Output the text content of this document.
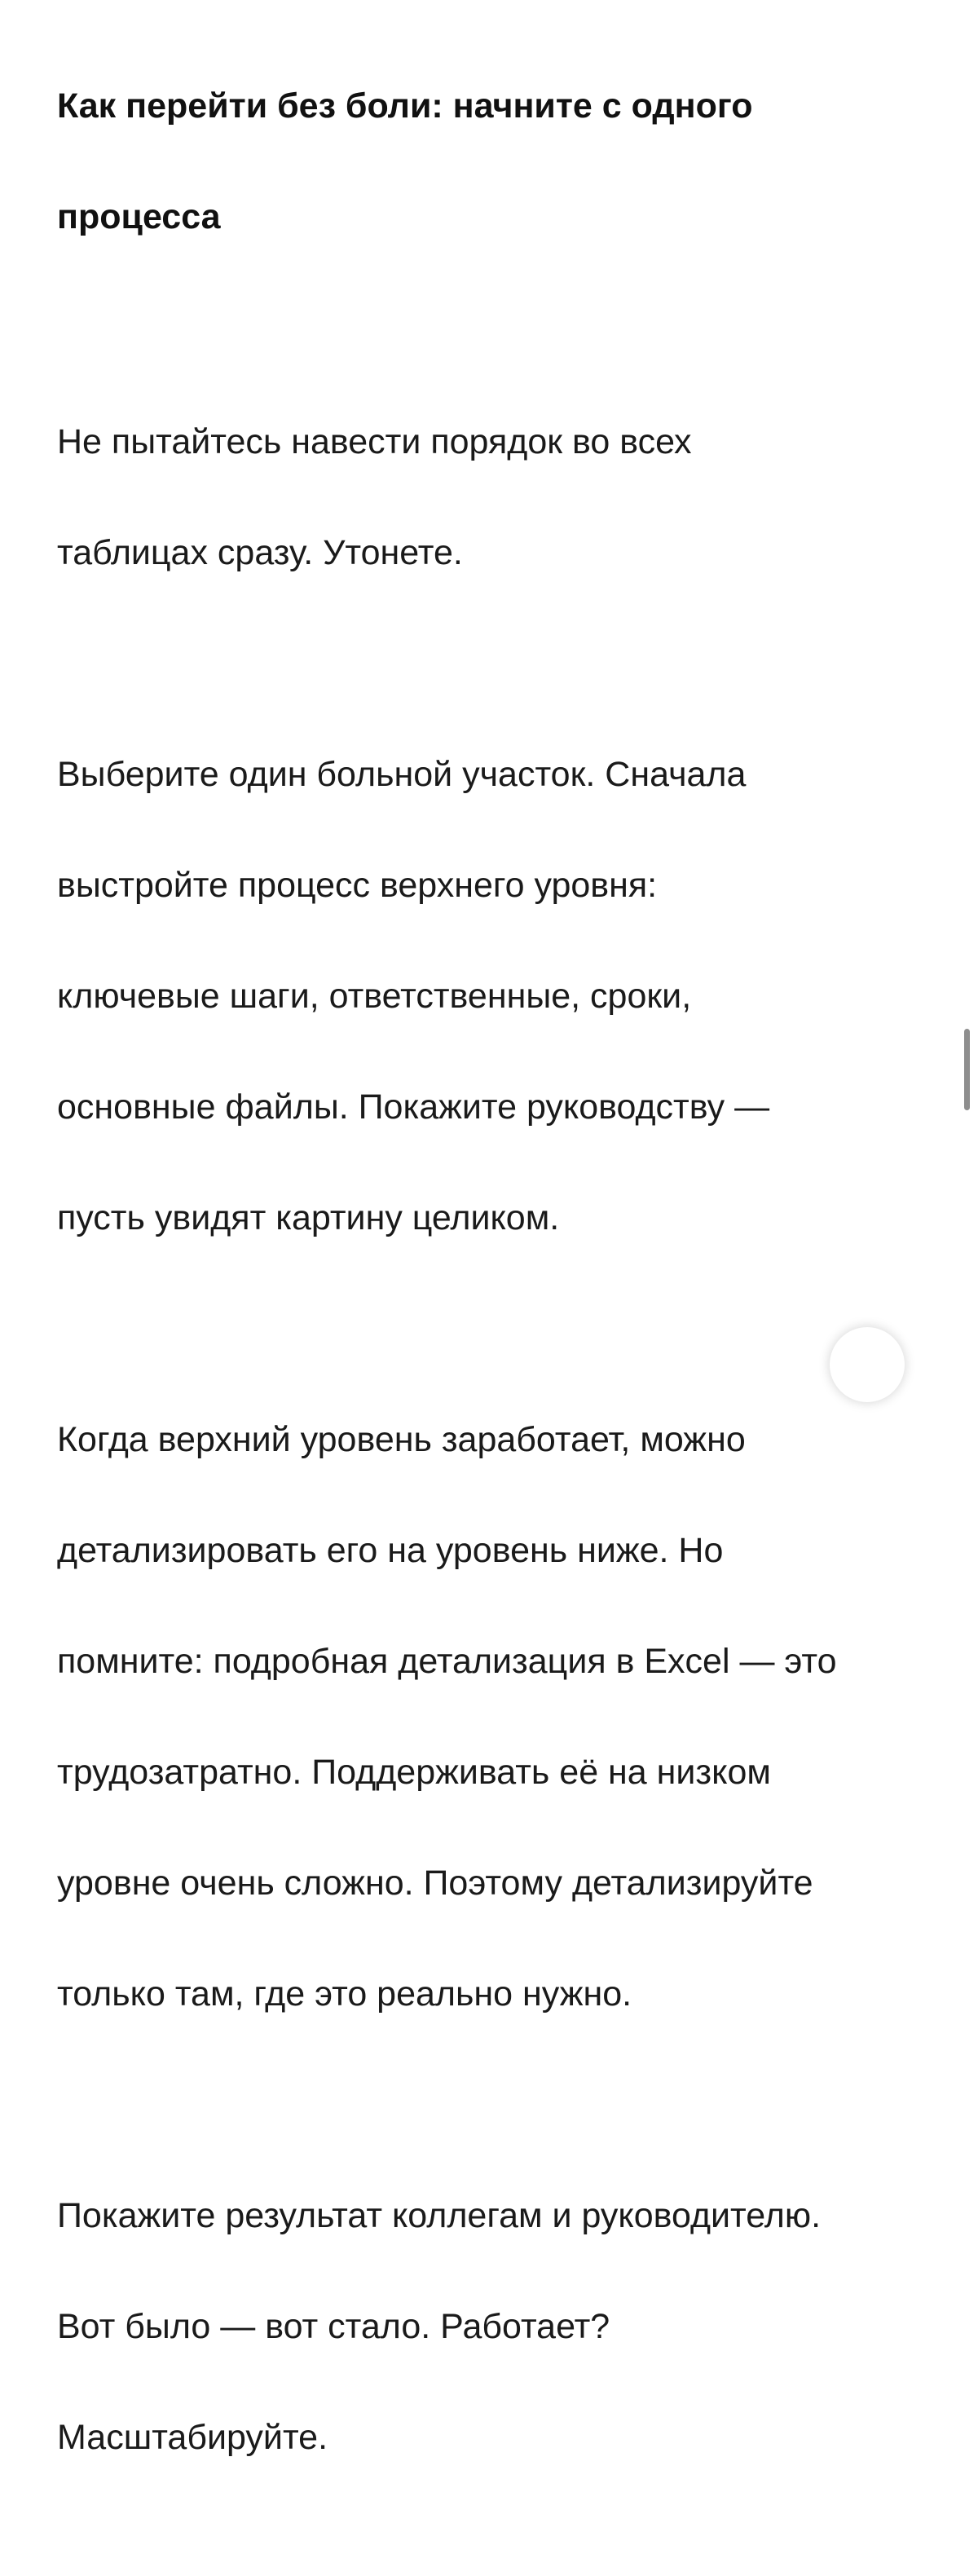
Как перейти без боли: начните с одного

процесса

Не пытайтесь навести порядок во всех

таблицах сразу. Утонете.

Выберите один больной участок. Сначала

выстройте процесс верхнего уровня:

ключевые шаги, ответственные, сроки,

основные файлы. Покажите руководству —

пусть увидят картину целиком.

Когда верхний уровень заработает, можно

детализировать его на уровень ниже. Но

помните: подробная детализация в Excel — это

трудозатратно. Поддерживать её на низком

уровне очень сложно. Поэтому детализируйте

только там, где это реально нужно.

Покажите результат коллегам и руководителю.

Вот было — вот стало. Работает?

Масштабируйте.
